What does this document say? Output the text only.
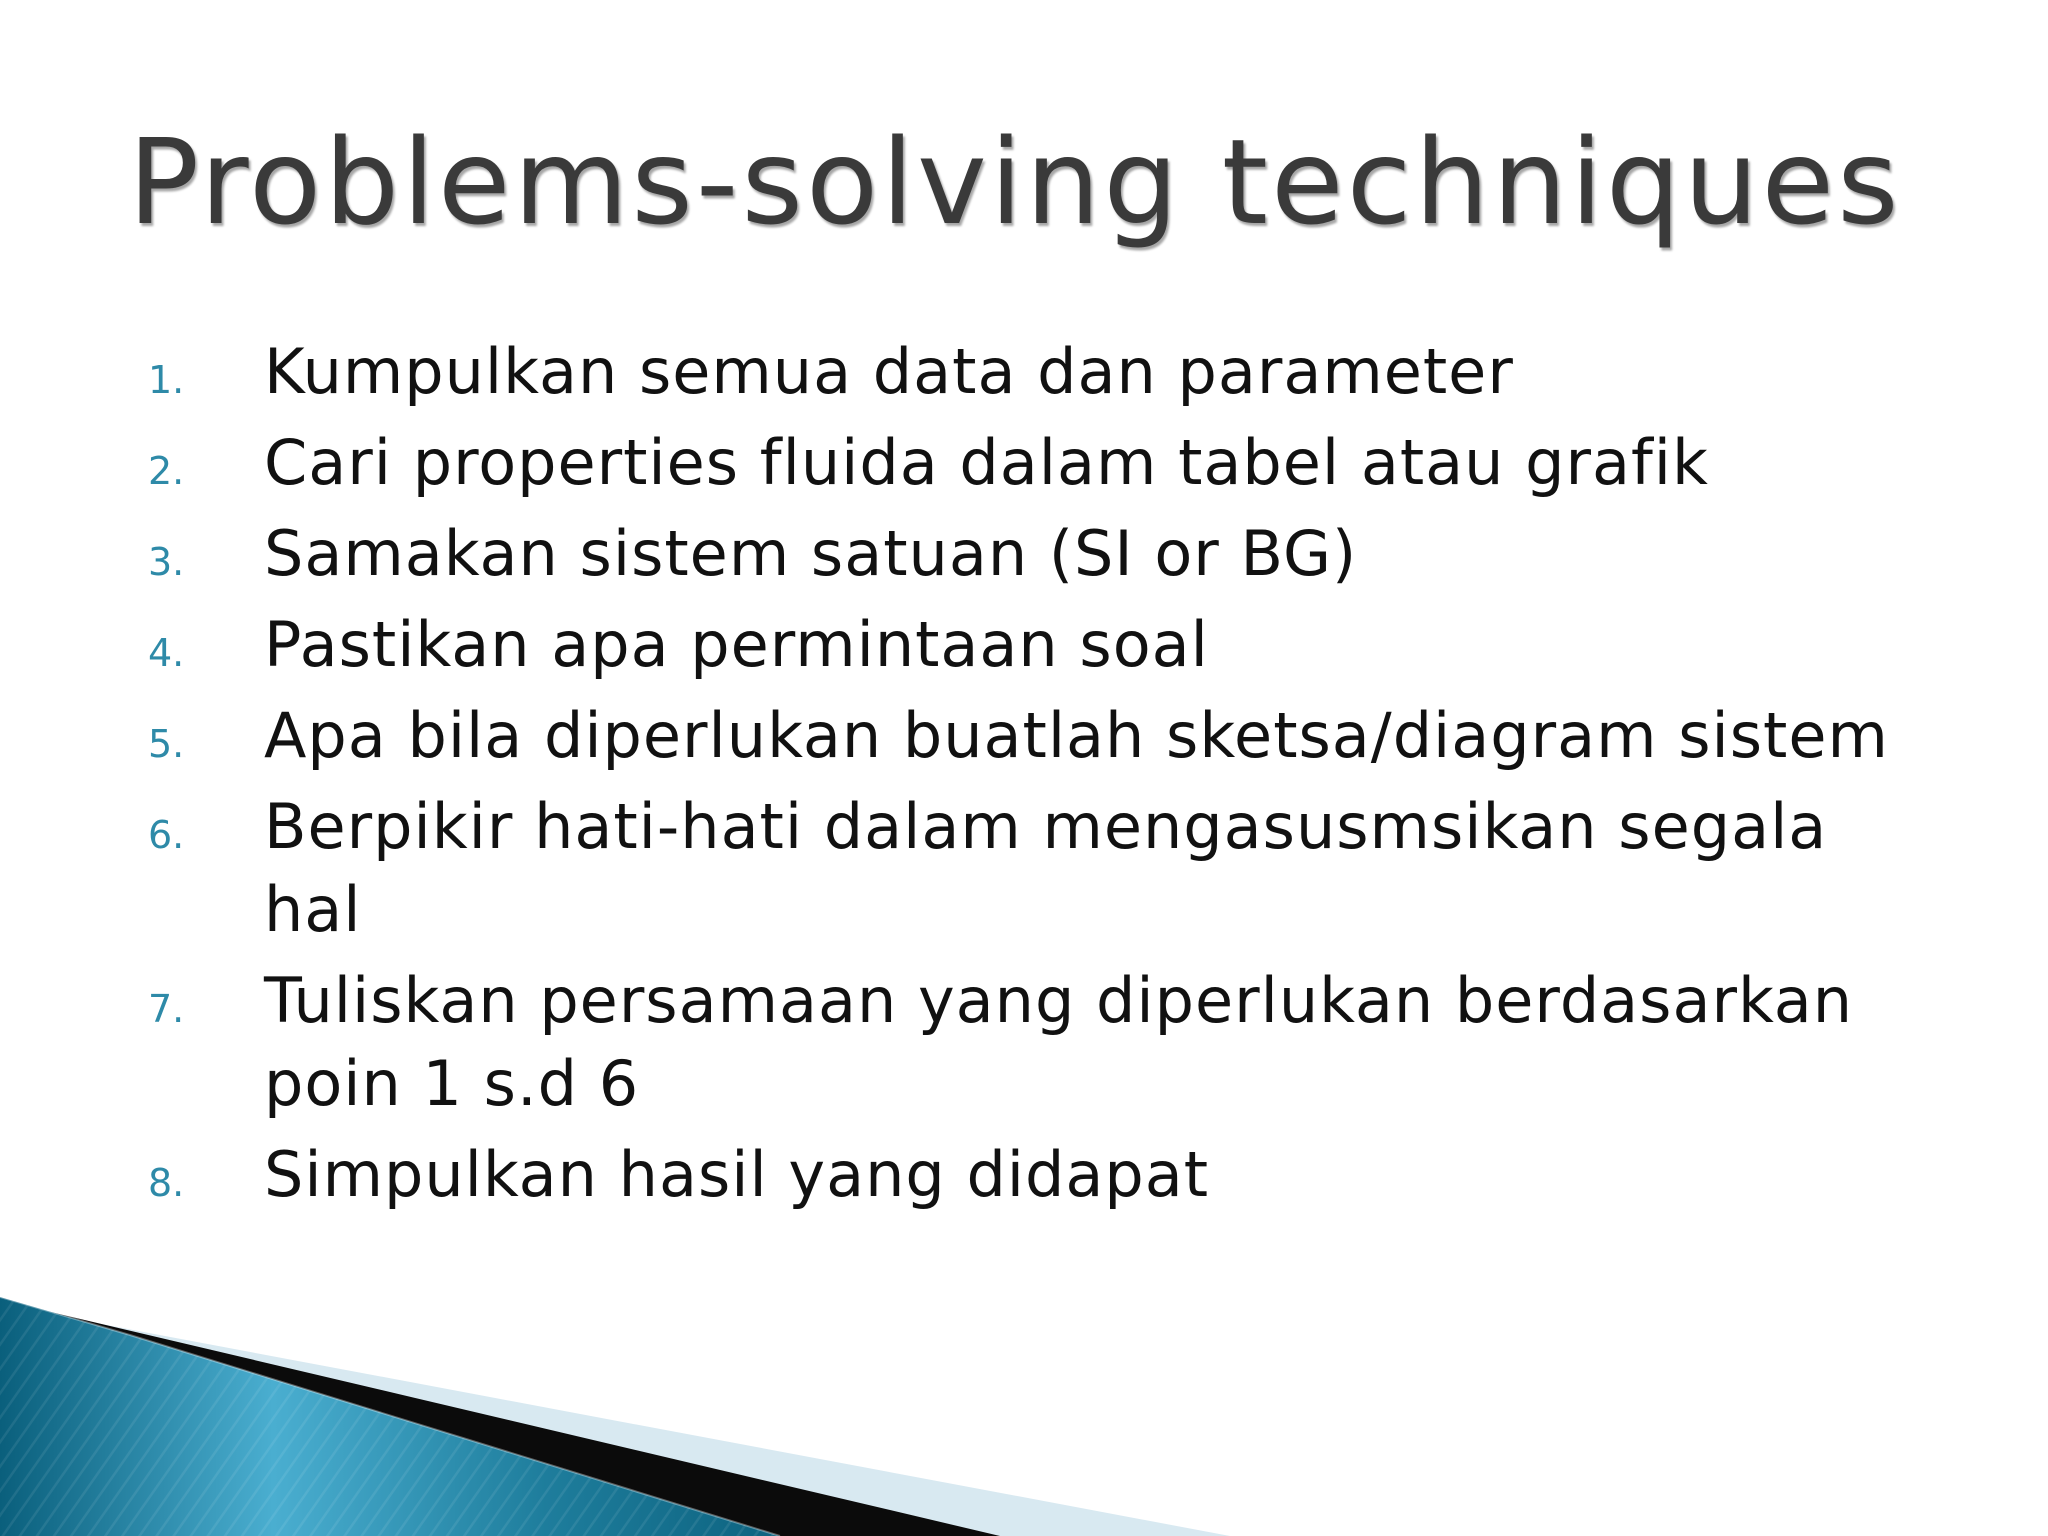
Problems-solving techniques
1.	Kumpulkan semua data dan parameter
2.	Cari properties fluida dalam tabel atau grafik
3.	Samakan sistem satuan (SI or BG)
4.	Pastikan apa permintaan soal
5.	Apa bila diperlukan buatlah sketsa/diagram sistem
6.	Berpikir hati-hati dalam mengasusmsikan segala hal
7.	Tuliskan persamaan yang diperlukan berdasarkan poin 1 s.d 6
8.	Simpulkan hasil yang didapat
